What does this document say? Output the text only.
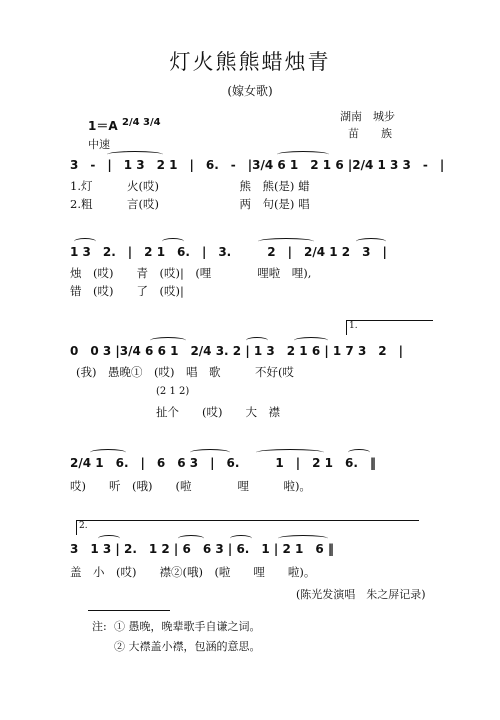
灯火熊熊蜡烛青
(嫁女歌)
湖南　城步
苗　　族
1＝A 2/4 3/4
中速
3　-　|　1 3　2 1　|　6.　-　|3/4 6 1　2 1 6 |2/4 1 3 3　-　|
1.灯　　　火(哎)　　　　　　　熊　熊(是) 蜡
2.粗　　　言(哎)　　　　　　　两　句(是) 唱
1 3　2.　|　2 1　6.　|　3.　　　2　|　2/4 1 2　3　|
烛　(哎)　　青　(哎)|　(哩　　　　哩啦　哩),
错　(哎)　　了　(哎)|
1.
0　0 3 |3/4 6 6 1　2/4 3. 2 | 1 3　2 1 6 | 1 7 3　2　|
(我)　愚晚①　(哎)　唱　歌　　　不好(哎
(2 1 2)
扯个　　(哎)　　大　襟
2/4 1　6.　|　6　6 3　|　6.　　　1　|　2 1　6.　‖
哎)　　听　(哦)　　(啦　　　　哩　　　啦)。
2.
3　1 3 | 2.　1 2 | 6　6 3 | 6.　1 | 2 1　6 ‖
盖　小　(哎)　　襟②(哦)　(啦　　哩　　啦)。
(陈光发演唱　朱之屏记录)
注: ① 愚晚，晚辈歌手自谦之词。
② 大襟盖小襟，包涵的意思。
